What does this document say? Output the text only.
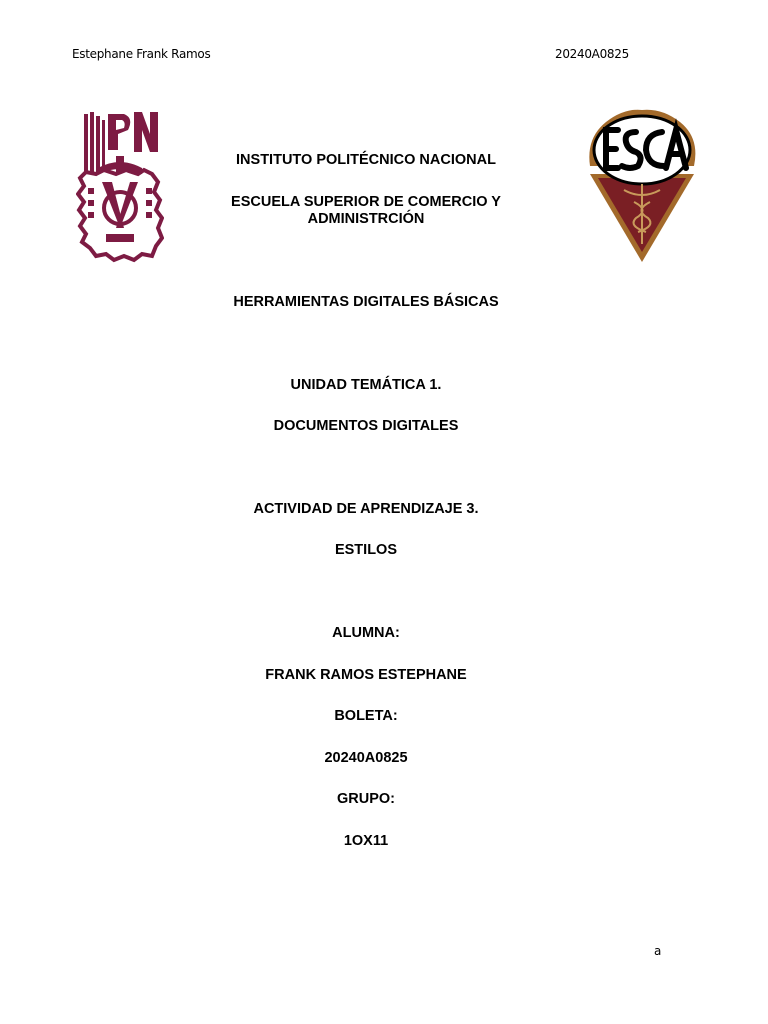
Estephane Frank Ramos	20240A0825
INSTITUTO POLITÉCNICO NACIONAL
ESCUELA SUPERIOR DE COMERCIO Y
ADMINISTRCIÓN
HERRAMIENTAS DIGITALES BÁSICAS
UNIDAD TEMÁTICA 1.
DOCUMENTOS DIGITALES
ACTIVIDAD DE APRENDIZAJE 3.
ESTILOS
ALUMNA:
FRANK RAMOS ESTEPHANE
BOLETA:
20240A0825
GRUPO:
1OX11
a
